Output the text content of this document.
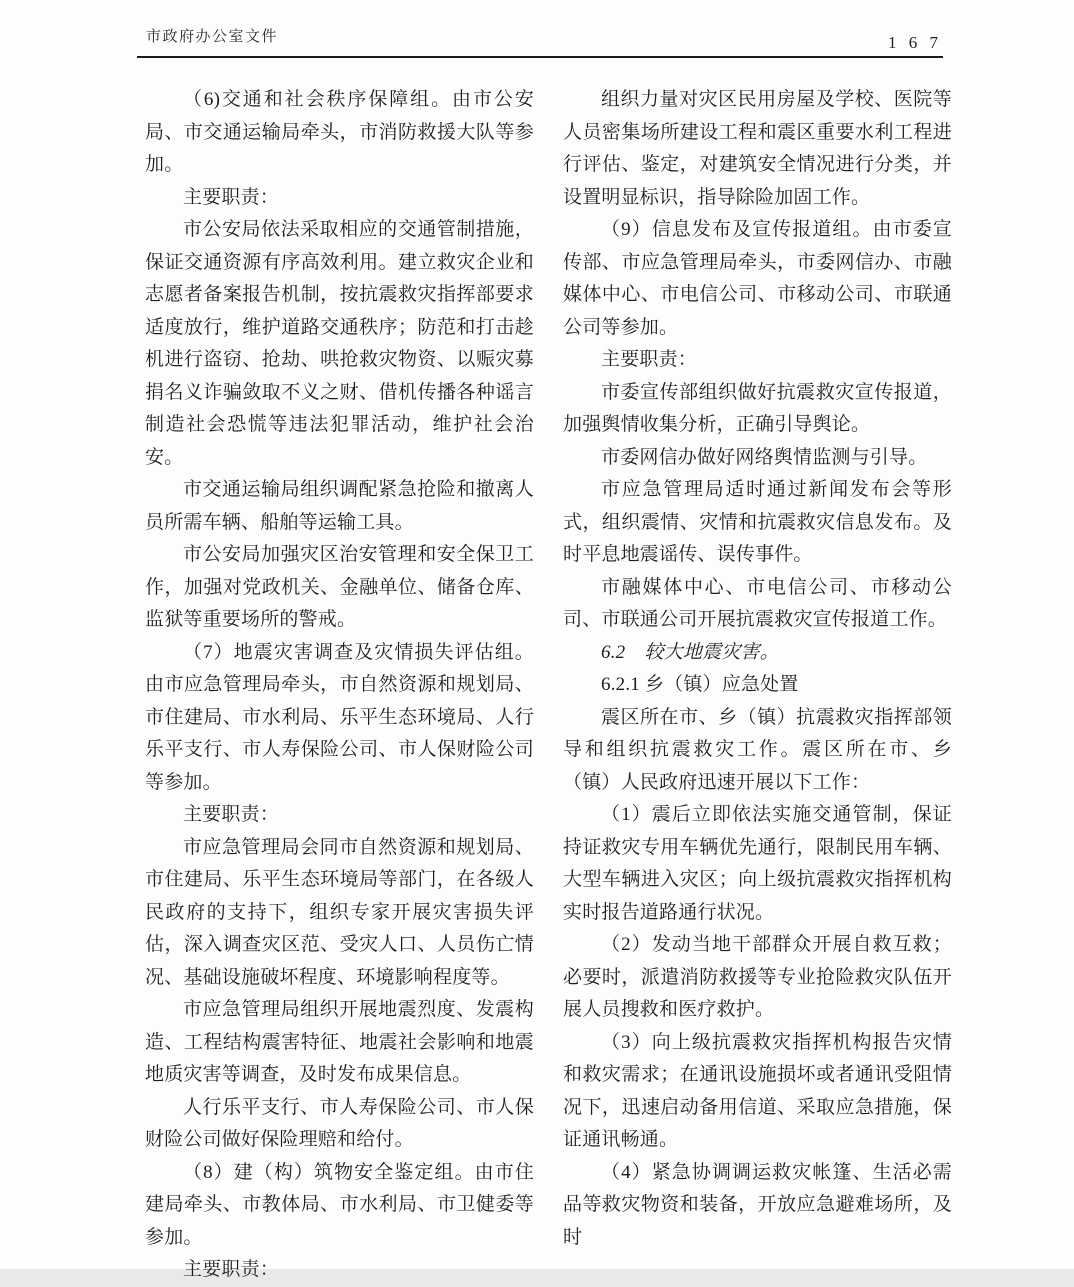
市政府办公室文件	1 6 7

（6)交通和社会秩序保障组。由市公安局、市交通运输局牵头，市消防救援大队等参加。

主要职责：

市公安局依法采取相应的交通管制措施，保证交通资源有序高效利用。建立救灾企业和志愿者备案报告机制，按抗震救灾指挥部要求适度放行，维护道路交通秩序；防范和打击趁机进行盗窃、抢劫、哄抢救灾物资、以赈灾募捐名义诈骗敛取不义之财、借机传播各种谣言制造社会恐慌等违法犯罪活动，维护社会治安。

市交通运输局组织调配紧急抢险和撤离人员所需车辆、船舶等运输工具。

市公安局加强灾区治安管理和安全保卫工作，加强对党政机关、金融单位、储备仓库、监狱等重要场所的警戒。

（7）地震灾害调查及灾情损失评估组。由市应急管理局牵头，市自然资源和规划局、市住建局、市水利局、乐平生态环境局、人行乐平支行、市人寿保险公司、市人保财险公司等参加。

主要职责：

市应急管理局会同市自然资源和规划局、市住建局、乐平生态环境局等部门，在各级人民政府的支持下，组织专家开展灾害损失评估，深入调查灾区范、受灾人口、人员伤亡情况、基础设施破坏程度、环境影响程度等。

市应急管理局组织开展地震烈度、发震构造、工程结构震害特征、地震社会影响和地震地质灾害等调查，及时发布成果信息。

人行乐平支行、市人寿保险公司、市人保财险公司做好保险理赔和给付。

（8）建（构）筑物安全鉴定组。由市住建局牵头、市教体局、市水利局、市卫健委等参加。

主要职责：

组织力量对灾区民用房屋及学校、医院等人员密集场所建设工程和震区重要水利工程进行评估、鉴定，对建筑安全情况进行分类，并设置明显标识，指导除险加固工作。

（9）信息发布及宣传报道组。由市委宣传部、市应急管理局牵头，市委网信办、市融媒体中心、市电信公司、市移动公司、市联通公司等参加。

主要职责：

市委宣传部组织做好抗震救灾宣传报道，加强舆情收集分析，正确引导舆论。

市委网信办做好网络舆情监测与引导。

市应急管理局适时通过新闻发布会等形式，组织震情、灾情和抗震救灾信息发布。及时平息地震谣传、误传事件。

市融媒体中心、市电信公司、市移动公司、市联通公司开展抗震救灾宣传报道工作。

6.2　较大地震灾害。

6.2.1 乡（镇）应急处置

震区所在市、乡（镇）抗震救灾指挥部领导和组织抗震救灾工作。震区所在市、乡（镇）人民政府迅速开展以下工作：

（1）震后立即依法实施交通管制，保证持证救灾专用车辆优先通行，限制民用车辆、大型车辆进入灾区；向上级抗震救灾指挥机构实时报告道路通行状况。

（2）发动当地干部群众开展自救互救；必要时，派遣消防救援等专业抢险救灾队伍开展人员搜救和医疗救护。

（3）向上级抗震救灾指挥机构报告灾情和救灾需求；在通讯设施损坏或者通讯受阻情况下，迅速启动备用信道、采取应急措施，保证通讯畅通。

（4）紧急协调调运救灾帐篷、生活必需品等救灾物资和装备，开放应急避难场所，及时
